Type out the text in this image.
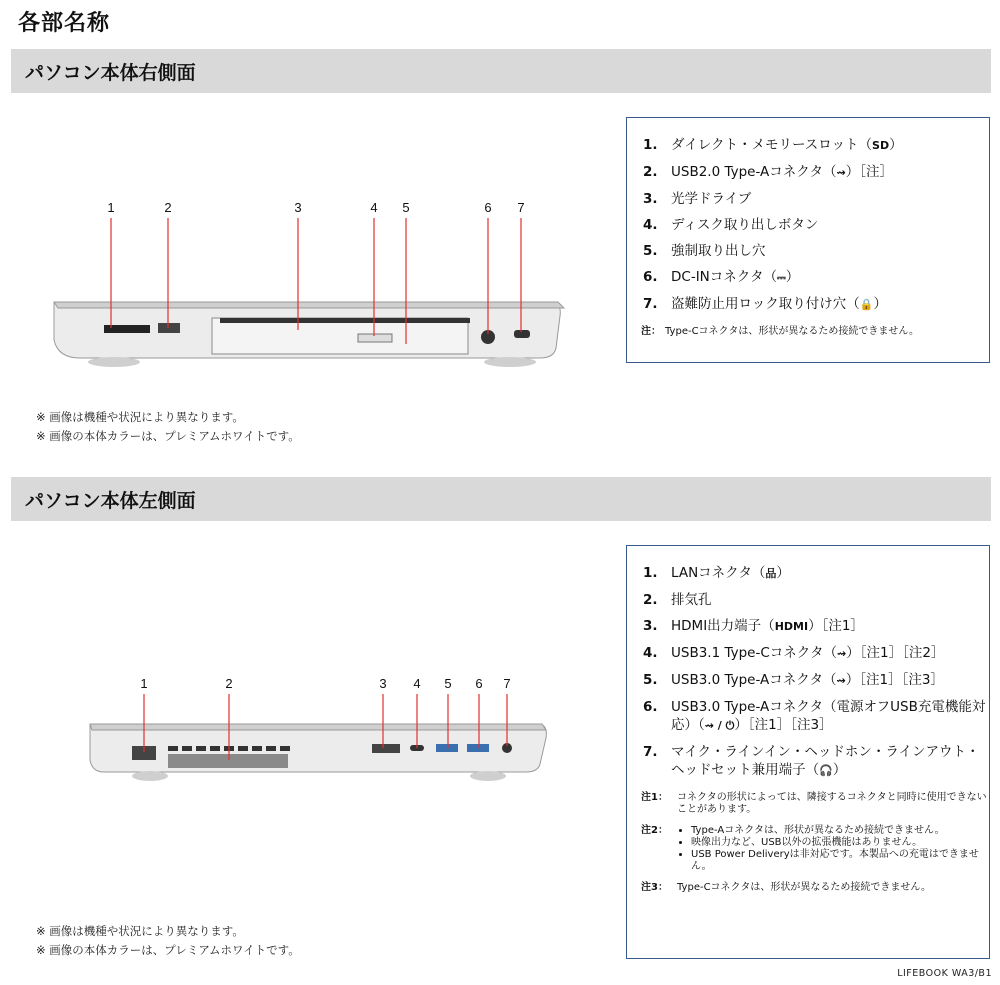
各部名称
パソコン本体右側面
1	2	3	4 5	6 7
1. ダイレクト・メモリースロット（SD）
2. USB2.0 Type-Aコネクタ（⇝）［注］
3. 光学ドライブ
4. ディスク取り出しボタン
5. 強制取り出し穴
6. DC-INコネクタ（⎓）
7. 盗難防止用ロック取り付け穴（🔒）
注： Type-Cコネクタは、形状が異なるため接続できません。
※ 画像は機種や状況により異なります。
※ 画像の本体カラーは、プレミアムホワイトです。
パソコン本体左側面
1	2	3 4 5 6 7
1. LANコネクタ（品）
2. 排気孔
3. HDMI出力端子（HDMI）［注1］
4. USB3.1 Type-Cコネクタ（⇝）［注1］［注2］
5. USB3.0 Type-Aコネクタ（⇝）［注1］［注3］
6. USB3.0 Type-Aコネクタ（電源オフUSB充電機能対応）（⇝ / ⏻）［注1］［注3］
7. マイク・ラインイン・ヘッドホン・ラインアウト・ヘッドセット兼用端子（🎧）
注1： コネクタの形状によっては、隣接するコネクタと同時に使用できないことがあります。
注2：
• Type-Aコネクタは、形状が異なるため接続できません。
• 映像出力など、USB以外の拡張機能はありません。
• USB Power Deliveryは非対応です。本製品への充電はできません。
注3： Type-Cコネクタは、形状が異なるため接続できません。
※ 画像は機種や状況により異なります。
※ 画像の本体カラーは、プレミアムホワイトです。
LIFEBOOK WA3/B1
